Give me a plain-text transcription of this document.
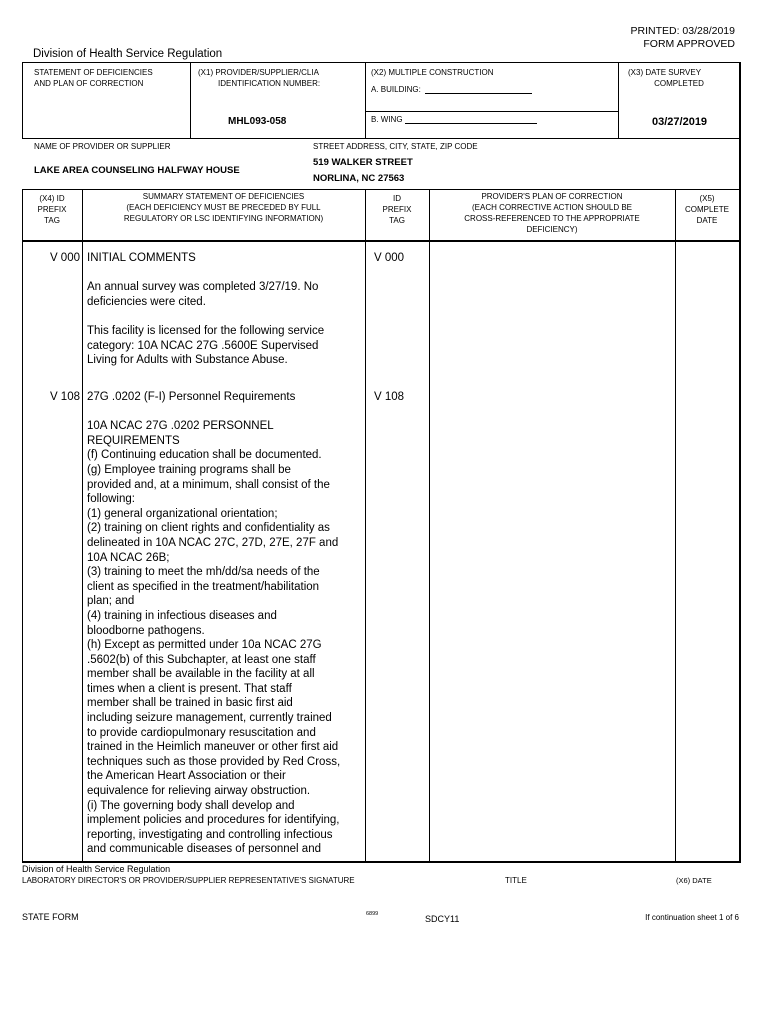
PRINTED: 03/28/2019
FORM APPROVED
Division of Health Service Regulation
STATEMENT OF DEFICIENCIES
AND PLAN OF CORRECTION
(X1) PROVIDER/SUPPLIER/CLIA
IDENTIFICATION NUMBER:
MHL093-058
(X2) MULTIPLE CONSTRUCTION
A. BUILDING:
B. WING
(X3) DATE SURVEY
COMPLETED
03/27/2019
NAME OF PROVIDER OR SUPPLIER
LAKE AREA COUNSELING HALFWAY HOUSE
STREET ADDRESS, CITY, STATE, ZIP CODE
519 WALKER STREET
NORLINA, NC 27563
(X4) ID
PREFIX
TAG
SUMMARY STATEMENT OF DEFICIENCIES
(EACH DEFICIENCY MUST BE PRECEDED BY FULL
REGULATORY OR LSC IDENTIFYING INFORMATION)
ID
PREFIX
TAG
PROVIDER'S PLAN OF CORRECTION
(EACH CORRECTIVE ACTION SHOULD BE
CROSS-REFERENCED TO THE APPROPRIATE
DEFICIENCY)
(X5)
COMPLETE
DATE
V 000	V 000
INITIAL COMMENTS
An annual survey was completed 3/27/19. No
deficiencies were cited.
This facility is licensed for the following service
category: 10A NCAC 27G .5600E Supervised
Living for Adults with Substance Abuse.
V 108	V 108
27G .0202 (F-I) Personnel Requirements
10A NCAC 27G .0202 PERSONNEL
REQUIREMENTS
(f) Continuing education shall be documented.
(g) Employee training programs shall be
provided and, at a minimum, shall consist of the
following:
(1) general organizational orientation;
(2) training on client rights and confidentiality as
delineated in 10A NCAC 27C, 27D, 27E, 27F and
10A NCAC 26B;
(3) training to meet the mh/dd/sa needs of the
client as specified in the treatment/habilitation
plan; and
(4) training in infectious diseases and
bloodborne pathogens.
(h) Except as permitted under 10a NCAC 27G
.5602(b) of this Subchapter, at least one staff
member shall be available in the facility at all
times when a client is present. That staff
member shall be trained in basic first aid
including seizure management, currently trained
to provide cardiopulmonary resuscitation and
trained in the Heimlich maneuver or other first aid
techniques such as those provided by Red Cross,
the American Heart Association or their
equivalence for relieving airway obstruction.
(i) The governing body shall develop and
implement policies and procedures for identifying,
reporting, investigating and controlling infectious
and communicable diseases of personnel and
Division of Health Service Regulation
LABORATORY DIRECTOR'S OR PROVIDER/SUPPLIER REPRESENTATIVE'S SIGNATURE	TITLE	(X6) DATE
STATE FORM	6899	SDCY11	If continuation sheet 1 of 6
